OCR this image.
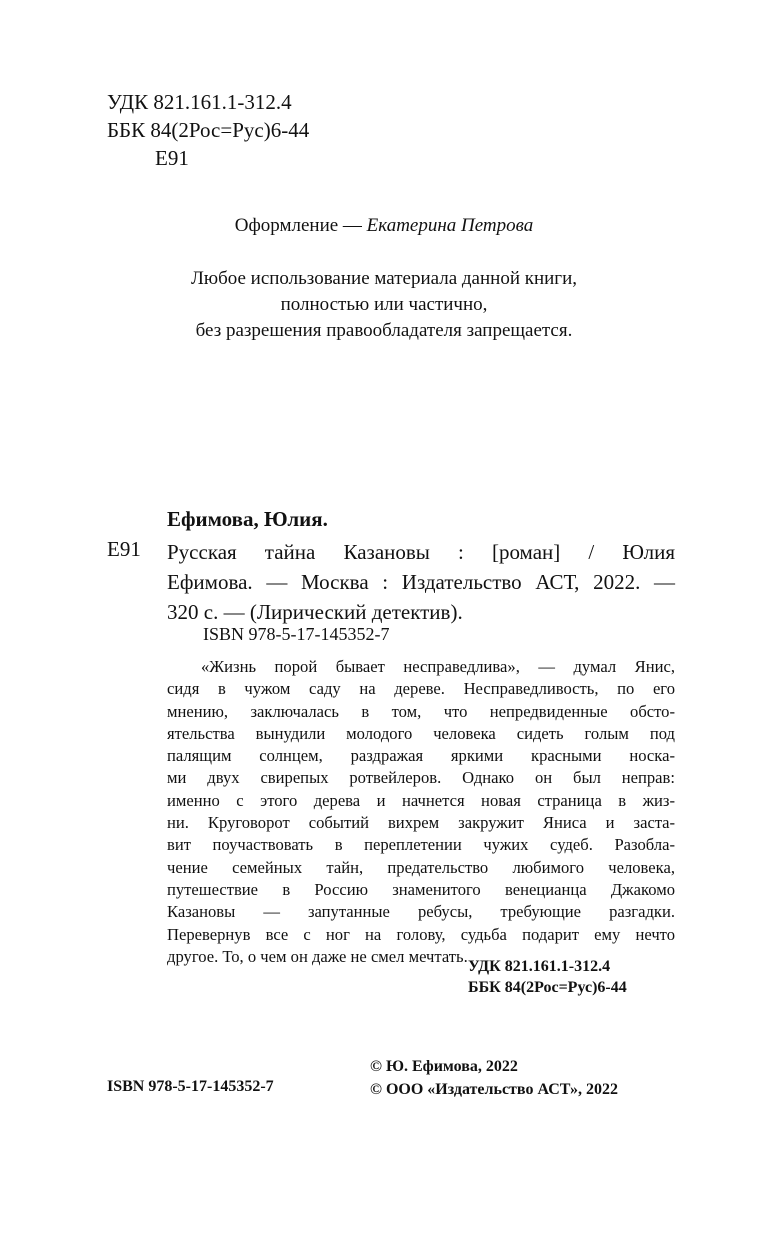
УДК 821.161.1-312.4
ББК 84(2Рос=Рус)6-44
Е91
Оформление — Екатерина Петрова
Любое использование материала данной книги,
полностью или частично,
без разрешения правообладателя запрещается.
Ефимова, Юлия.
Е91 Русская тайна Казановы : [роман] / Юлия
Ефимова. — Москва : Издательство АСТ, 2022. —
320 с. — (Лирический детектив).
ISBN 978-5-17-145352-7
«Жизнь порой бывает несправедлива», — думал Янис,
сидя в чужом саду на дереве. Несправедливость, по его
мнению, заключалась в том, что непредвиденные обсто-
ятельства вынудили молодого человека сидеть голым под
палящим солнцем, раздражая яркими красными носка-
ми двух свирепых ротвейлеров. Однако он был неправ:
именно с этого дерева и начнется новая страница в жиз-
ни. Круговорот событий вихрем закружит Яниса и застa-
вит поучаствовать в переплетении чужих судеб. Разобла-
чение семейных тайн, предательство любимого человека,
путешествие в Россию знаменитого венецианца Джакомо
Казановы — запутанные ребусы, требующие разгадки.
Перевернув все с ног на голову, судьба подарит ему нечто
другое. То, о чем он даже не смел мечтать.
УДК 821.161.1-312.4
ББК 84(2Рос=Рус)6-44
© Ю. Ефимова, 2022
© ООО «Издательство АСТ», 2022
ISBN 978-5-17-145352-7
